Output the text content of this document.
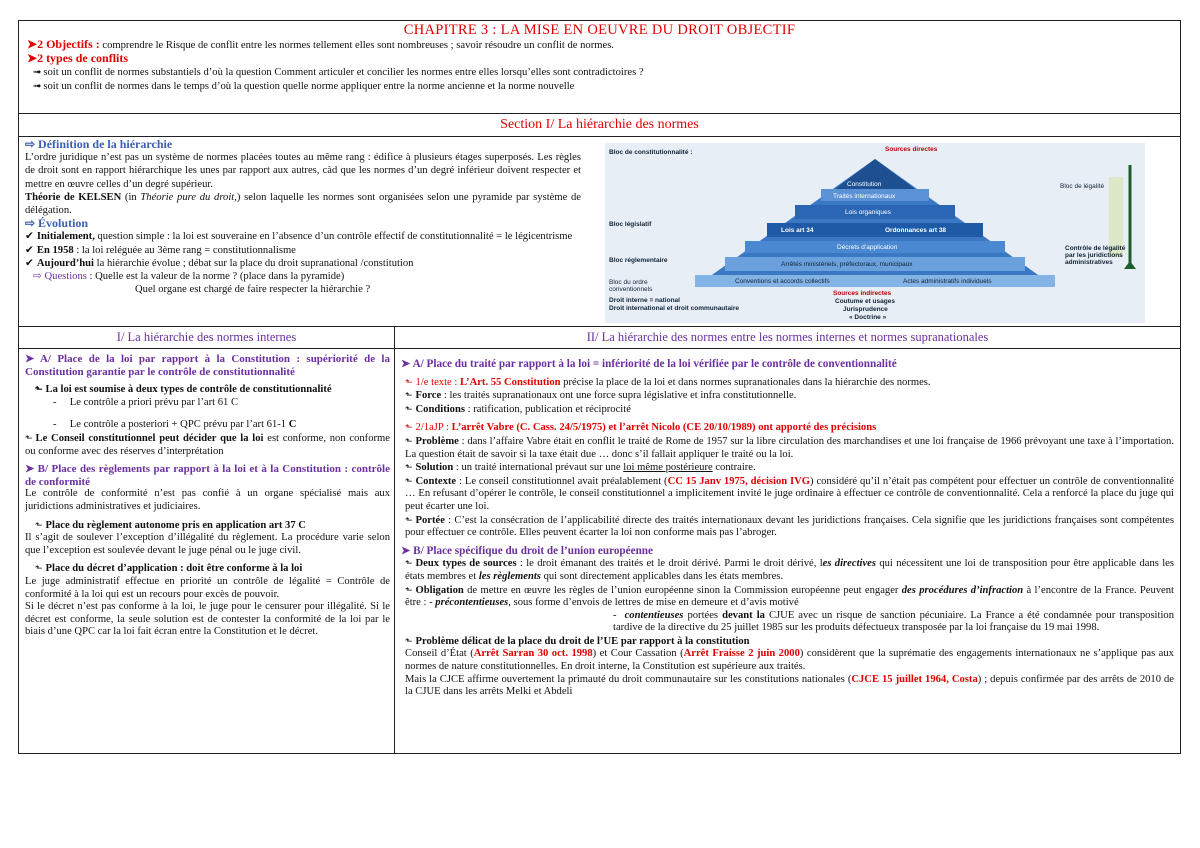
CHAPITRE 3 : LA MISE EN OEUVRE DU DROIT OBJECTIF
➤2 Objectifs : comprendre le Risque de conflit entre les normes tellement elles sont nombreuses ; savoir résoudre un conflit de normes.
➤2 types de conflits
➟ soit un conflit de normes substantiels d’où la question Comment articuler et concilier les normes entre elles lorsqu’elles sont contradictoires ?
➟ soit un conflit de normes dans le temps d’où la question quelle norme appliquer entre la norme ancienne et la norme nouvelle
Section I/ La hiérarchie des normes
⇨ Définition de la hiérarchie
L’ordre juridique n’est pas un système de normes placées toutes au même rang : édifice à plusieurs étages superposés. Les règles de droit sont en rapport hiérarchique les unes par rapport aux autres, càd que les normes d’un degré inférieur doivent respecter et mettre en œuvre celles d’un degré supérieur.
Théorie de KELSEN (in Théorie pure du droit,) selon laquelle les normes sont organisées selon une pyramide par système de délégation.
⇨ Évolution
✔ Initialement, question simple : la loi est souveraine en l’absence d’un contrôle effectif de constitutionnalité = le légicentrisme
✔ En 1958 : la loi reléguée au 3ème rang = constitutionnalisme
✔ Aujourd’hui la hiérarchie évolue ; débat sur la place du droit supranational /constitution
⇨ Questions : Quelle est la valeur de la norme ? (place dans la pyramide)
Quel organe est chargé de faire respecter la hiérarchie ?
Sources directes
Bloc de constitutionnalité :
Bloc législatif
Bloc réglementaire
Bloc du ordre conventionnels
Constitution
Traités internationaux
Lois organiques
Lois art 34	Ordonnances art 38
Décrets d’application
Arrêtés ministériels, préfectoraux, municipaux
Conventions et accords collectifs	Actes administratifs individuels
Droit interne = national
Droit international et droit communautaire
Sources indirectes
Coutume et usages
Jurisprudence
« Doctrine »
Contrôle de légalité par les juridictions administratives
Bloc de légalité
I/ La hiérarchie des normes internes	II/ La hiérarchie des normes entre les normes internes et normes supranationales
➤ A/ Place de la loi par rapport à la Constitution : supériorité de la Constitution garantie par le contrôle de constitutionnalité
⬑ La loi est soumise à deux types de contrôle de constitutionnalité
-     Le contrôle a priori prévu par l’art 61 C
-     Le contrôle a posteriori + QPC prévu par l’art 61-1 C
⬑ Le Conseil constitutionnel peut décider que la loi est conforme, non conforme ou conforme avec des réserves d’interprétation
➤ B/ Place des règlements par rapport à la loi et à la Constitution : contrôle de conformité
Le contrôle de conformité n’est pas confié à un organe spécialisé mais aux juridictions administratives et judiciaires.
⬑ Place du règlement autonome pris en application art 37 C
Il s’agit de soulever l’exception d’illégalité du règlement. La procédure varie selon que l’exception est soulevée devant le juge pénal ou le juge civil.
⬑ Place du décret d’application : doit être conforme à la loi
Le juge administratif effectue en priorité un contrôle de légalité = Contrôle de conformité à la loi qui est un recours pour excès de pouvoir.
Si le décret n’est pas conforme à la loi, le juge pour le censurer pour illégalité. Si le décret est conforme, la seule solution est de contester la conformité de la loi par le biais d’une QPC car la loi fait écran entre la Constitution et le décret.
➤ A/ Place du traité par rapport à la loi = infériorité de la loi vérifiée par le contrôle de conventionnalité
⬑ 1/e texte : L’Art. 55 Constitution précise la place de la loi et dans normes supranationales dans la hiérarchie des normes.
⬑ Force : les traités supranationaux ont une force supra législative et infra constitutionnelle.
⬑ Conditions : ratification, publication et réciprocité
⬑ 2/1aJP : L’arrêt Vabre (C. Cass. 24/5/1975) et l’arrêt Nicolo (CE 20/10/1989) ont apporté des précisions
⬑ Problème : dans l’affaire Vabre était en conflit le traité de Rome de 1957 sur la libre circulation des marchandises et une loi française de 1966 prévoyant une taxe à l’importation. La question était de savoir si la taxe était due … donc s’il fallait appliquer le traité ou la loi.
⬑ Solution : un traité international prévaut sur une loi même postérieure contraire.
⬑ Contexte : Le conseil constitutionnel avait préalablement (CC 15 Janv 1975, décision IVG) considéré qu’il n’était pas compétent pour effectuer un contrôle de conventionnalité … En refusant d’opérer le contrôle, le conseil constitutionnel a implicitement invité le juge ordinaire à effectuer ce contrôle de conventionnalité. Cela a renforcé la place du juge qui peut écarter une loi.
⬑ Portée : C’est la consécration de l’applicabilité directe des traités internationaux devant les juridictions françaises. Cela signifie que les juridictions françaises sont compétentes pour effectuer ce contrôle. Elles peuvent écarter la loi non conforme mais pas l’abroger.
➤ B/ Place spécifique du droit de l’union européenne
⬑ Deux types de sources : le droit émanant des traités et le droit dérivé. Parmi le droit dérivé, les directives qui nécessitent une loi de transposition pour être applicable dans les états membres et les règlements qui sont directement applicables dans les états membres.
⬑ Obligation de mettre en œuvre les règles de l’union européenne sinon la Commission européenne peut engager des procédures d’infraction à l’encontre de la France. Peuvent être : - précontentieuses, sous forme d’envois de lettres de mise en demeure et d’avis motivé
-  contentieuses portées devant la CJUE avec un risque de sanction pécuniaire. La France a été condamnée pour transposition tardive de la directive du 25 juillet 1985 sur les produits défectueux transposée par la loi française du 19 mai 1998.
⬑ Problème délicat de la place du droit de l’UE par rapport à la constitution
Conseil d’État (Arrêt Sarran 30 oct. 1998) et Cour Cassation (Arrêt Fraisse 2 juin 2000) considèrent que la suprématie des engagements internationaux ne s’applique pas aux normes de nature constitutionnelles. En droit interne, la Constitution est supérieure aux traités.
Mais la CJCE affirme ouvertement la primauté du droit communautaire sur les constitutions nationales (CJCE 15 juillet 1964, Costa) ; depuis confirmée par des arrêts de 2010 de la CJUE dans les arrêts Melki et Abdeli
